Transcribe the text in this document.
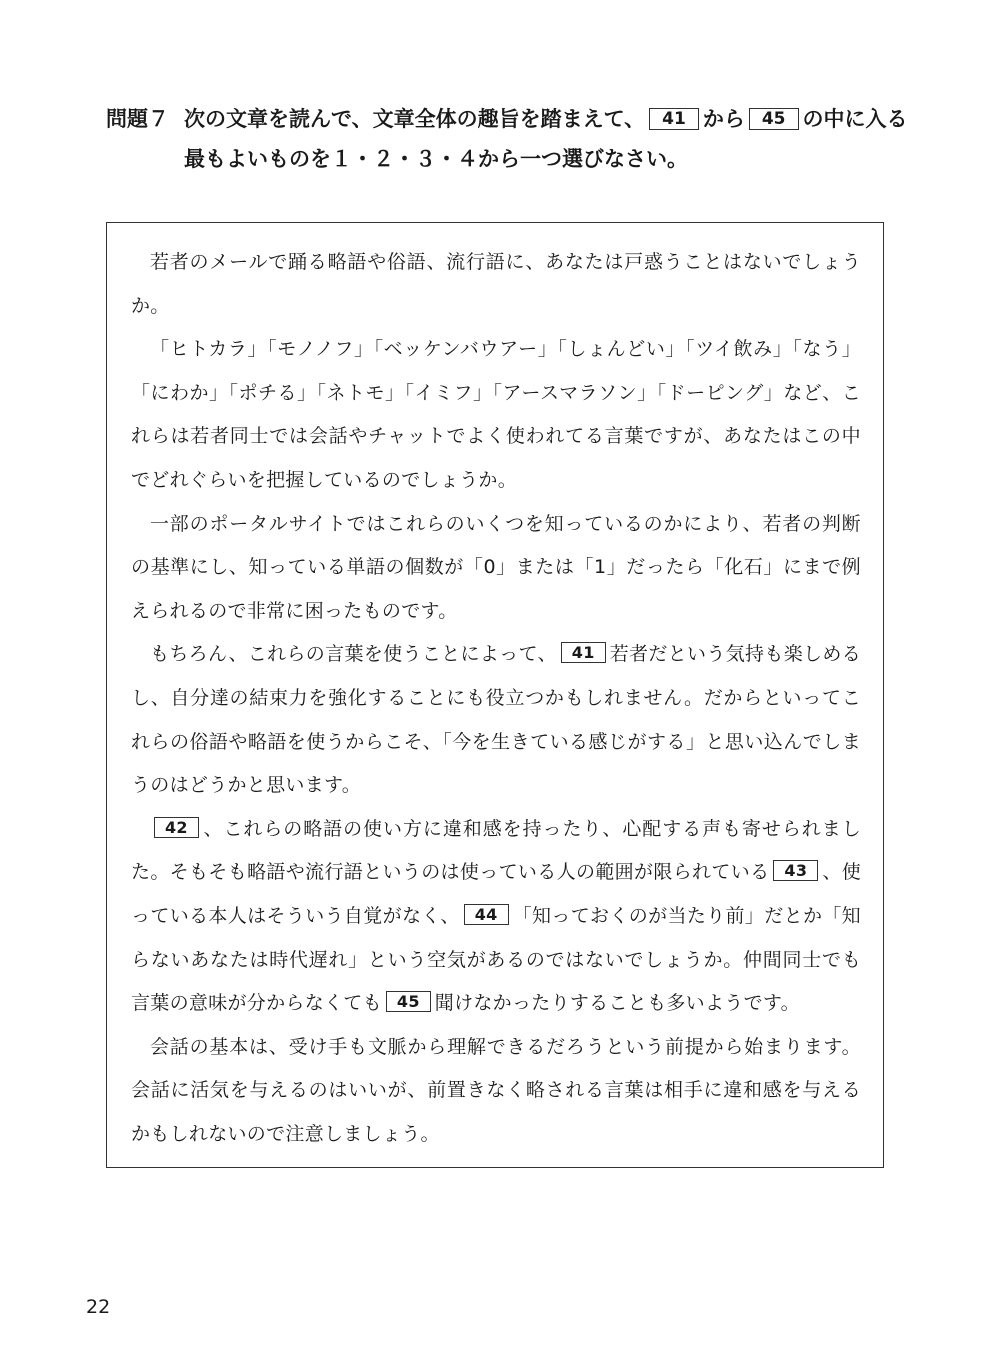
問題７ 次の文章を読んで、文章全体の趣旨を踏まえて、 41 から 45 の中に入る
最もよいものを１・２・３・４から一つ選びなさい。

若者のメールで踊る略語や俗語、流行語に、あなたは戸惑うことはないでしょうか。

「ヒトカラ」「モノノフ」「ベッケンバウアー」「しょんどい」「ツイ飲み」「なう」「にわか」「ポチる」「ネトモ」「イミフ」「アースマラソン」「ドーピング」など、これらは若者同士では会話やチャットでよく使われてる言葉ですが、あなたはこの中でどれぐらいを把握しているのでしょうか。

一部のポータルサイトではこれらのいくつを知っているのかにより、若者の判断の基準にし、知っている単語の個数が「0」または「1」だったら「化石」にまで例えられるので非常に困ったものです。

もちろん、これらの言葉を使うことによって、 41 若者だという気持も楽しめるし、自分達の結束力を強化することにも役立つかもしれません。だからといってこれらの俗語や略語を使うからこそ、「今を生きている感じがする」と思い込んでしまうのはどうかと思います。

42 、これらの略語の使い方に違和感を持ったり、心配する声も寄せられました。そもそも略語や流行語というのは使っている人の範囲が限られている 43 、使っている本人はそういう自覚がなく、 44 「知っておくのが当たり前」だとか「知らないあなたは時代遅れ」という空気があるのではないでしょうか。仲間同士でも言葉の意味が分からなくても 45 聞けなかったりすることも多いようです。

会話の基本は、受け手も文脈から理解できるだろうという前提から始まります。会話に活気を与えるのはいいが、前置きなく略される言葉は相手に違和感を与えるかもしれないので注意しましょう。

22
